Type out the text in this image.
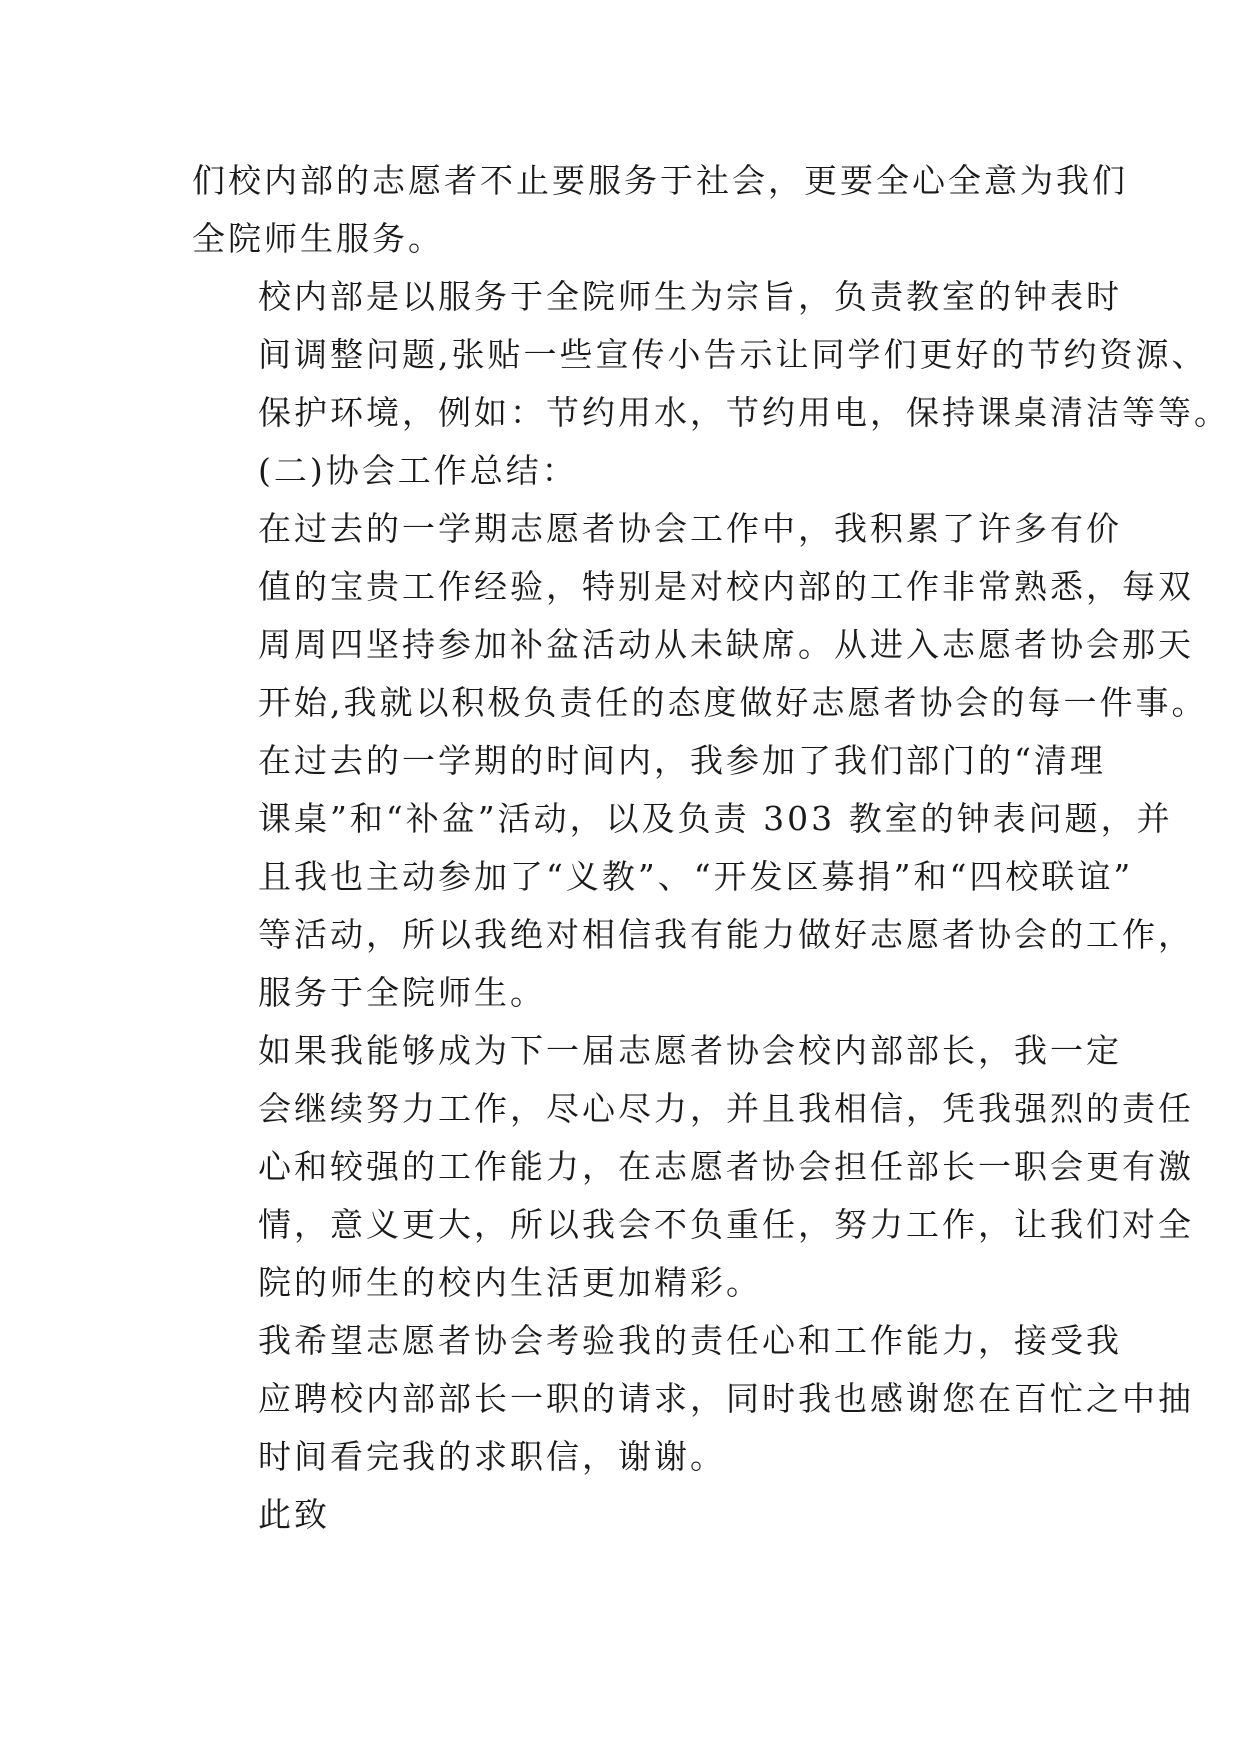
们校内部的志愿者不止要服务于社会，更要全心全意为我们
全院师生服务。

校内部是以服务于全院师生为宗旨，负责教室的钟表时
间调整问题,张贴一些宣传小告示让同学们更好的节约资源、
保护环境，例如：节约用水，节约用电，保持课桌清洁等等。

(二)协会工作总结：

在过去的一学期志愿者协会工作中，我积累了许多有价
值的宝贵工作经验，特别是对校内部的工作非常熟悉，每双
周周四坚持参加补盆活动从未缺席。从进入志愿者协会那天
开始,我就以积极负责任的态度做好志愿者协会的每一件事。

在过去的一学期的时间内，我参加了我们部门的“清理
课桌”和“补盆”活动，以及负责 303 教室的钟表问题，并
且我也主动参加了“义教”、“开发区募捐”和“四校联谊”
等活动，所以我绝对相信我有能力做好志愿者协会的工作，
服务于全院师生。

如果我能够成为下一届志愿者协会校内部部长，我一定
会继续努力工作，尽心尽力，并且我相信，凭我强烈的责任
心和较强的工作能力，在志愿者协会担任部长一职会更有激
情，意义更大，所以我会不负重任，努力工作，让我们对全
院的师生的校内生活更加精彩。

我希望志愿者协会考验我的责任心和工作能力，接受我
应聘校内部部长一职的请求，同时我也感谢您在百忙之中抽
时间看完我的求职信，谢谢。

此致
